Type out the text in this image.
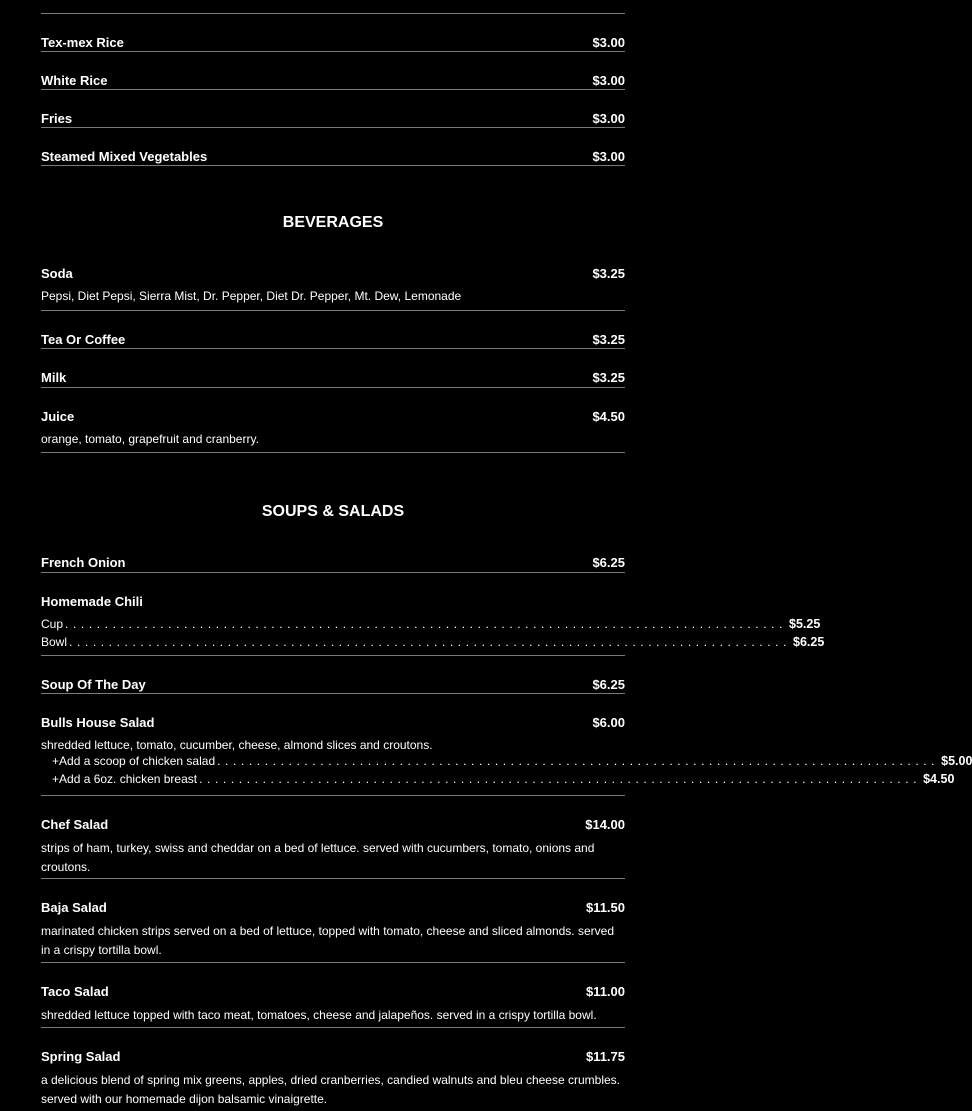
Tex-mex Rice	$3.00
White Rice	$3.00
Fries	$3.00
Steamed Mixed Vegetables	$3.00
BEVERAGES
Soda	$3.25
Pepsi, Diet Pepsi, Sierra Mist, Dr. Pepper, Diet Dr. Pepper, Mt. Dew, Lemonade
Tea Or Coffee	$3.25
Milk	$3.25
Juice	$4.50
orange, tomato, grapefruit and cranberry.
SOUPS & SALADS
French Onion	$6.25
Homemade Chili
Cup ........................................................................................... $5.25
Bowl ........................................................................................... $6.25
Soup Of The Day	$6.25
Bulls House Salad	$6.00
shredded lettuce, tomato, cucumber, cheese, almond slices and croutons.
+ Add a scoop of chicken salad ........................................................................................... $5.00
+ Add a 6oz. chicken breast ........................................................................................... $4.50
Chef Salad	$14.00
strips of ham, turkey, swiss and cheddar on a bed of lettuce. served with cucumbers, tomato, onions and croutons.
Baja Salad	$11.50
marinated chicken strips served on a bed of lettuce, topped with tomato, cheese and sliced almonds. served in a crispy tortilla bowl.
Taco Salad	$11.00
shredded lettuce topped with taco meat, tomatoes, cheese and jalapeños. served in a crispy tortilla bowl.
Spring Salad	$11.75
a delicious blend of spring mix greens, apples, dried cranberries, candied walnuts and bleu cheese crumbles. served with our homemade dijon balsamic vinaigrette.
